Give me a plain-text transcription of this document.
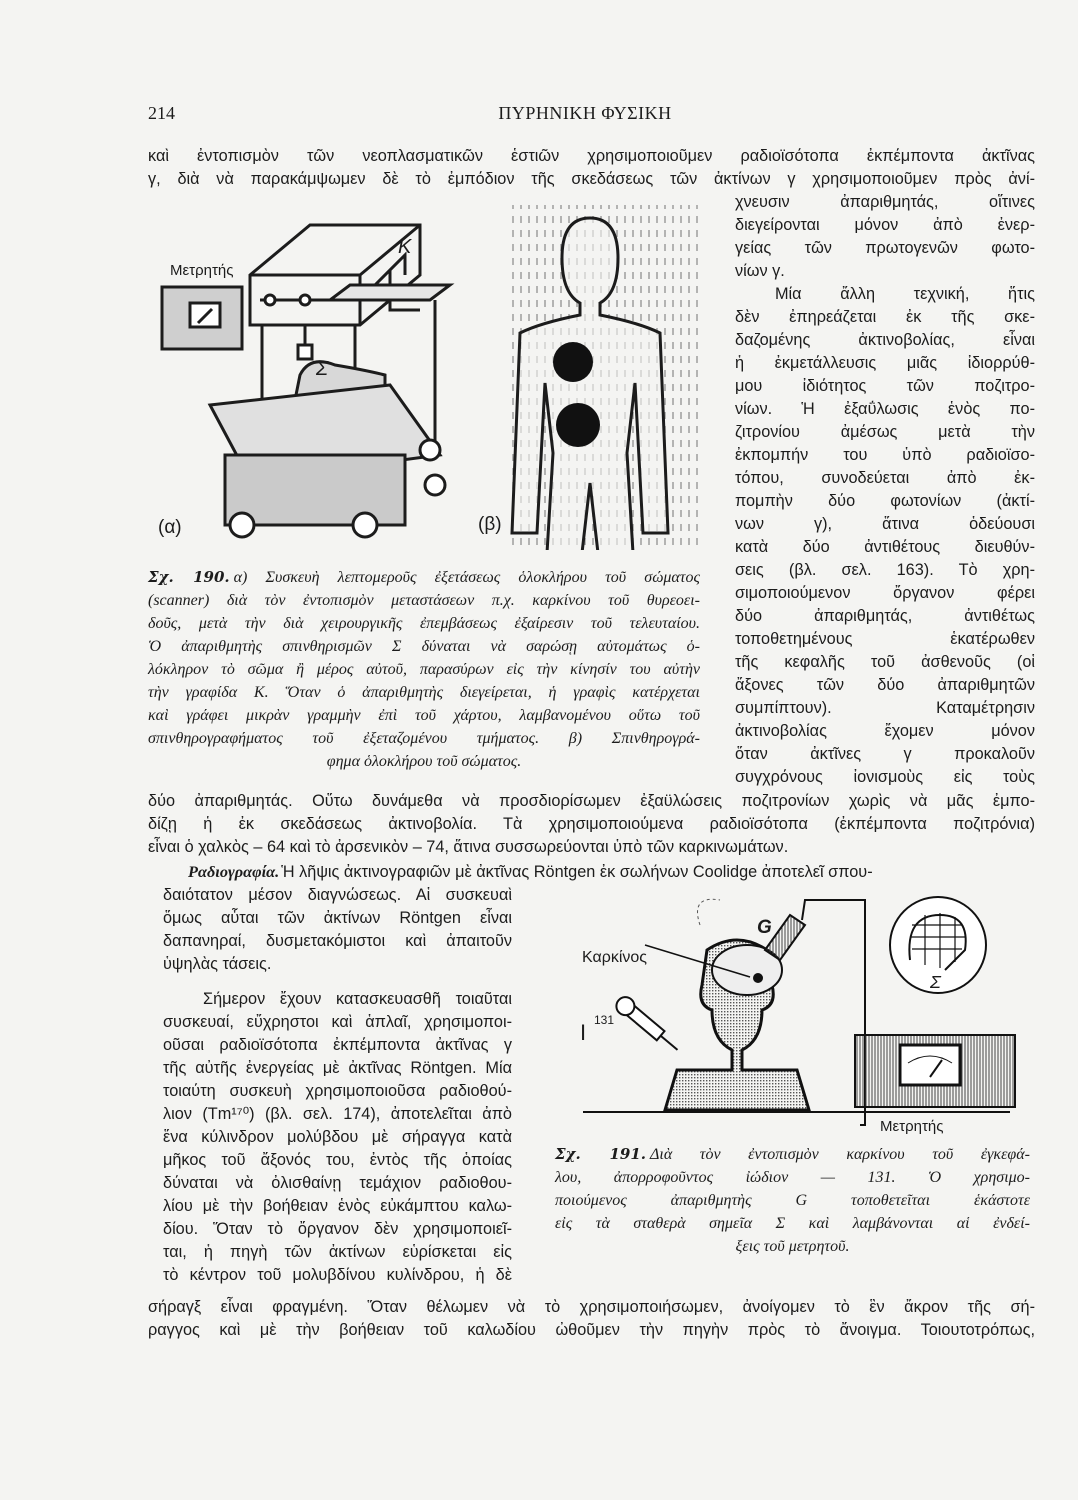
214	ΠΥΡΗΝΙΚΗ ΦΥΣΙΚΗ
καὶ ἐντοπισμὸν τῶν νεοπλασματικῶν ἑστιῶν χρησιμοποιοῦμεν ραδιοϊσότοπα ἐκπέμποντα ἀκτῖνας
γ, διὰ νὰ παρακάμψωμεν δὲ τὸ ἐμπόδιον τῆς σκεδάσεως τῶν ἀκτίνων γ χρησιμοποιοῦμεν πρὸς ἀνί-
χνευσιν ἀπαριθμητάς, οἵτινες
διεγείρονται μόνον ἀπὸ ἐνερ-
γείας τῶν πρωτογενῶν φωτο-
νίων γ.
Μία ἄλλη τεχνική, ἥτις
δὲν ἐπηρεάζεται ἐκ τῆς σκε-
δαζομένης ἀκτινοβολίας, εἶναι
ἡ ἐκμετάλλευσις μιᾶς ἰδιορρύθ-
μου ἰδιότητος τῶν ποζιτρο-
νίων. Ἡ ἐξαΰλωσις ἑνὸς πο-
ζιτρονίου ἀμέσως μετὰ τὴν
ἐκπομπήν του ὑπὸ ραδιοϊσο-
τόπου, συνοδεύεται ἀπὸ ἐκ-
πομπὴν δύο φωτονίων (ἀκτί-
νων γ), ἅτινα ὁδεύουσι
κατὰ δύο ἀντιθέτους διευθύν-
σεις (βλ. σελ. 163). Τὸ χρη-
σιμοποιούμενον ὄργανον φέρει
δύο ἀπαριθμητάς, ἀντιθέτως
τοποθετημένους ἑκατέρωθεν
τῆς κεφαλῆς τοῦ ἀσθενοῦς (οἱ
ἄξονες τῶν δύο ἀπαριθμητῶν
συμπίπτουν). Καταμέτρησιν
ἀκτινοβολίας ἔχομεν μόνον
ὅταν ἀκτῖνες γ προκαλοῦν
συγχρόνους ἰονισμοὺς εἰς τοὺς
δύο ἀπαριθμητάς. Οὕτω δυνάμεθα νὰ προσδιορίσωμεν ἐξαϋλώσεις ποζιτρονίων χωρὶς νὰ μᾶς ἐμπο-
δίζῃ ἡ ἐκ σκεδάσεως ἀκτινοβολία. Τὰ χρησιμοποιούμενα ραδιοϊσότοπα (ἐκπέμποντα ποζιτρόνια)
εἶναι ὁ χαλκὸς – 64 καὶ τὸ ἀρσενικὸν – 74, ἅτινα συσσωρεύονται ὑπὸ τῶν καρκινωμάτων.
Ραδιογραφία. Ἡ λῆψις ἀκτινογραφιῶν μὲ ἀκτῖνας Röntgen ἐκ σωλήνων Coolidge ἀποτελεῖ σπου-
δαιότατον μέσον διαγνώσεως. Αἱ συσκευαὶ
ὅμως αὗται τῶν ἀκτίνων Röntgen εἶναι
δαπανηραί, δυσμετακόμιστοι καὶ ἀπαιτοῦν
ὑψηλὰς τάσεις.
Σήμερον ἔχουν κατασκευασθῆ τοιαῦται
συσκευαί, εὔχρηστοι καὶ ἁπλαῖ, χρησιμοποι-
οῦσαι ραδιοϊσότοπα ἐκπέμποντα ἀκτῖνας γ
τῆς αὐτῆς ἐνεργείας μὲ ἀκτῖνας Röntgen. Μία
τοιαύτη συσκευὴ χρησιμοποιοῦσα ραδιοθού-
λιον (Tm¹⁷⁰) (βλ. σελ. 174), ἀποτελεῖται ἀπὸ
ἕνα κύλινδρον μολύβδου μὲ σήραγγα κατὰ
μῆκος τοῦ ἄξονός του, ἐντὸς τῆς ὁποίας
δύναται νὰ ὀλισθαίνῃ τεμάχιον ραδιοθου-
λίου μὲ τὴν βοήθειαν ἑνὸς εὐκάμπτου καλω-
δίου. Ὅταν τὸ ὄργανον δὲν χρησιμοποιεῖ-
ται, ἡ πηγὴ τῶν ἀκτίνων εὑρίσκεται εἰς
τὸ κέντρον τοῦ μολυβδίνου κυλίνδρου, ἡ δὲ
σήραγξ εἶναι φραγμένη. Ὅταν θέλωμεν νὰ τὸ χρησιμοποιήσωμεν, ἀνοίγομεν τὸ ἓν ἄκρον τῆς σή-
ραγγος καὶ μὲ τὴν βοήθειαν τοῦ καλωδίου ὠθοῦμεν τὴν πηγὴν πρὸς τὸ ἄνοιγμα. Τοιουτοτρόπως,
Μετρητής
K
Σ
(α)	(β)
Σχ. 190. α) Συσκευὴ λεπτομεροῦς ἐξετάσεως ὁλοκλήρου τοῦ σώματος
(scanner) διὰ τὸν ἐντοπισμὸν μεταστάσεων π.χ. καρκίνου τοῦ θυρεοει-
δοῦς, μετὰ τὴν διὰ χειρουργικῆς ἐπεμβάσεως ἐξαίρεσιν τοῦ τελευταίου.
Ὁ ἀπαριθμητὴς σπινθηρισμῶν Σ δύναται νὰ σαρώσῃ αὐτομάτως ὁ-
λόκληρον τὸ σῶμα ἢ μέρος αὐτοῦ, παρασύρων εἰς τὴν κίνησίν του αὐτὴν
τὴν γραφίδα Κ. Ὅταν ὁ ἀπαριθμητὴς διεγείρεται, ἡ γραφὶς κατέρχεται
καὶ γράφει μικρὰν γραμμὴν ἐπὶ τοῦ χάρτου, λαμβανομένου οὕτω τοῦ
σπινθηρογραφήματος τοῦ ἐξεταζομένου τμήματος. β) Σπινθηρογρά-
φημα ὁλοκλήρου τοῦ σώματος.
Καρκίνος
G
I 131
Σ
Μετρητής
Σχ. 191. Διὰ τὸν ἐντοπισμὸν καρκίνου τοῦ ἐγκεφά-
λου, ἀπορροφοῦντος ἰώδιον — 131. Ὁ χρησιμο-
ποιούμενος ἀπαριθμητὴς G τοποθετεῖται ἑκάστοτε
εἰς τὰ σταθερὰ σημεῖα Σ καὶ λαμβάνονται αἱ ἐνδεί-
ξεις τοῦ μετρητοῦ.
